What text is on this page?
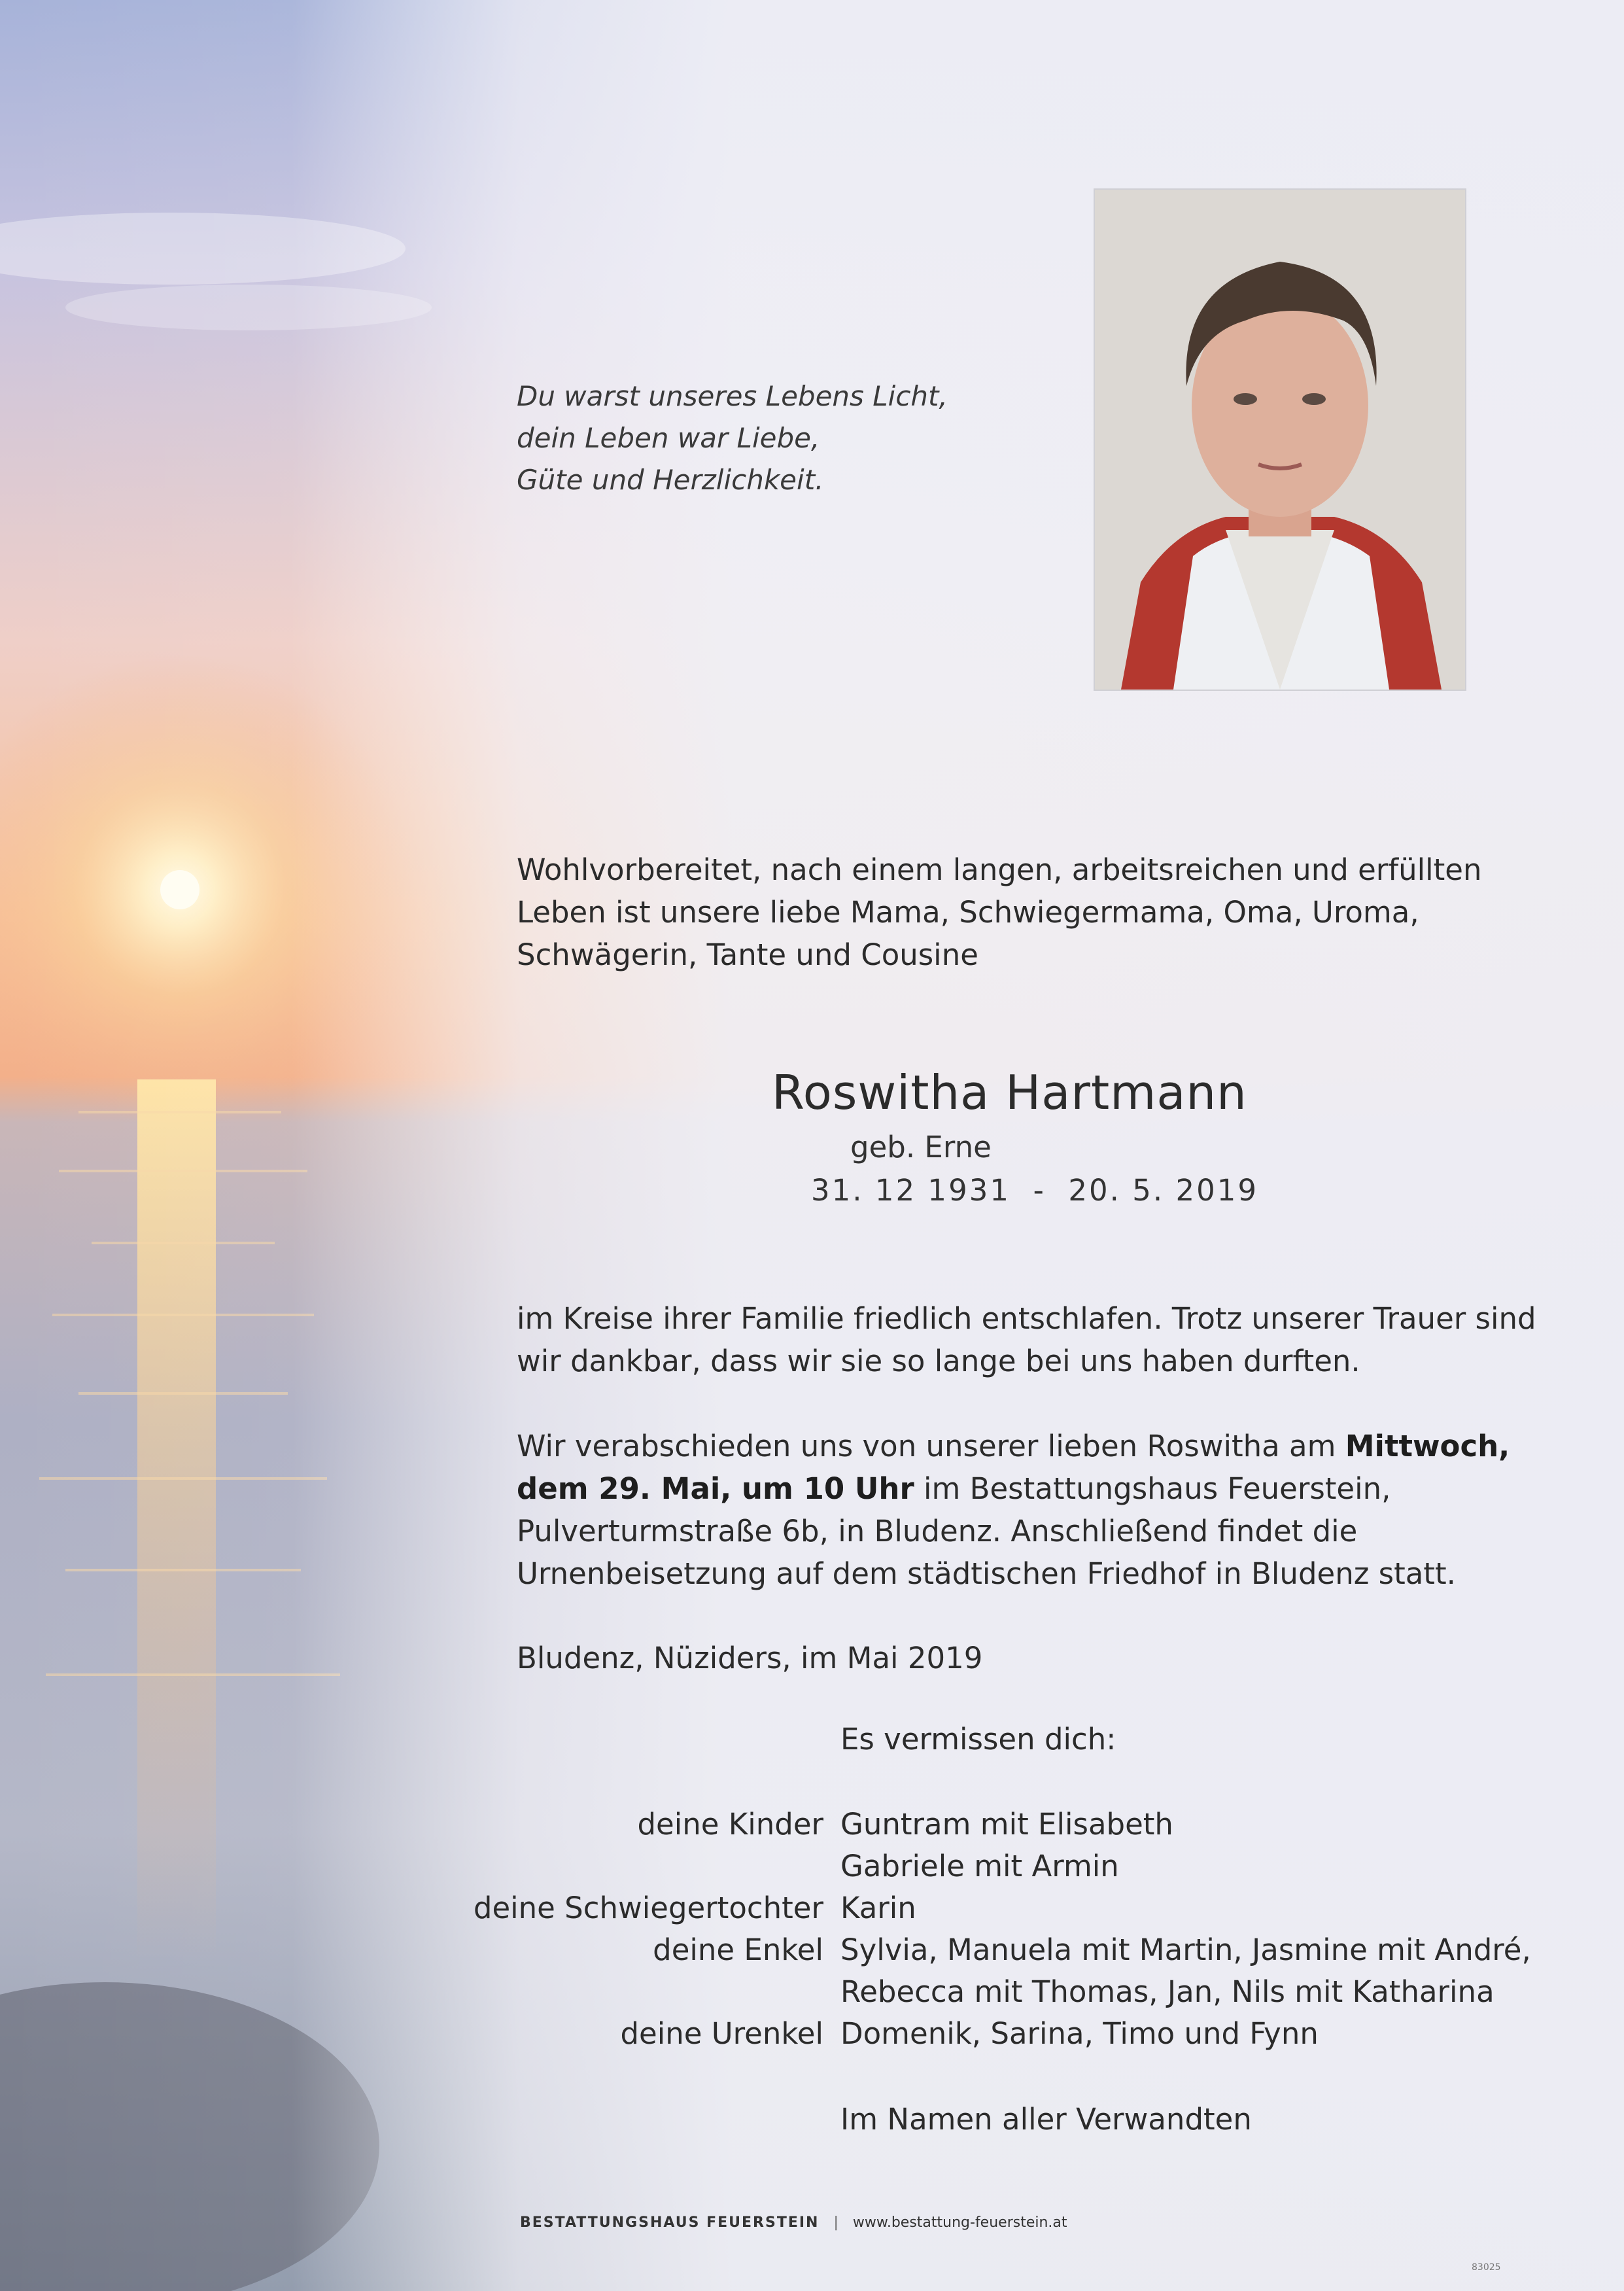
Du warst unseres Lebens Licht,
dein Leben war Liebe,
Güte und Herzlichkeit.
Wohlvorbereitet, nach einem langen, arbeitsreichen und erfüllten
Leben ist unsere liebe Mama, Schwiegermama, Oma, Uroma,
Schwägerin, Tante und Cousine
Roswitha Hartmann
geb. Erne
31. 12 1931  -  20. 5. 2019
im Kreise ihrer Familie friedlich entschlafen. Trotz unserer Trauer sind
wir dankbar, dass wir sie so lange bei uns haben durften.
Wir verabschieden uns von unserer lieben Roswitha am Mittwoch,
dem 29. Mai, um 10 Uhr im Bestattungshaus Feuerstein,
Pulverturmstraße 6b, in Bludenz. Anschließend findet die
Urnenbeisetzung auf dem städtischen Friedhof in Bludenz statt.
Bludenz, Nüziders, im Mai 2019
Es vermissen dich:
deine Kinder Guntram mit Elisabeth
Gabriele mit Armin
deine Schwiegertochter Karin
deine Enkel Sylvia, Manuela mit Martin, Jasmine mit André,
Rebecca mit Thomas, Jan, Nils mit Katharina
deine Urenkel Domenik, Sarina, Timo und Fynn
Im Namen aller Verwandten
BESTATTUNGSHAUS FEUERSTEIN | www.bestattung-feuerstein.at
83025
